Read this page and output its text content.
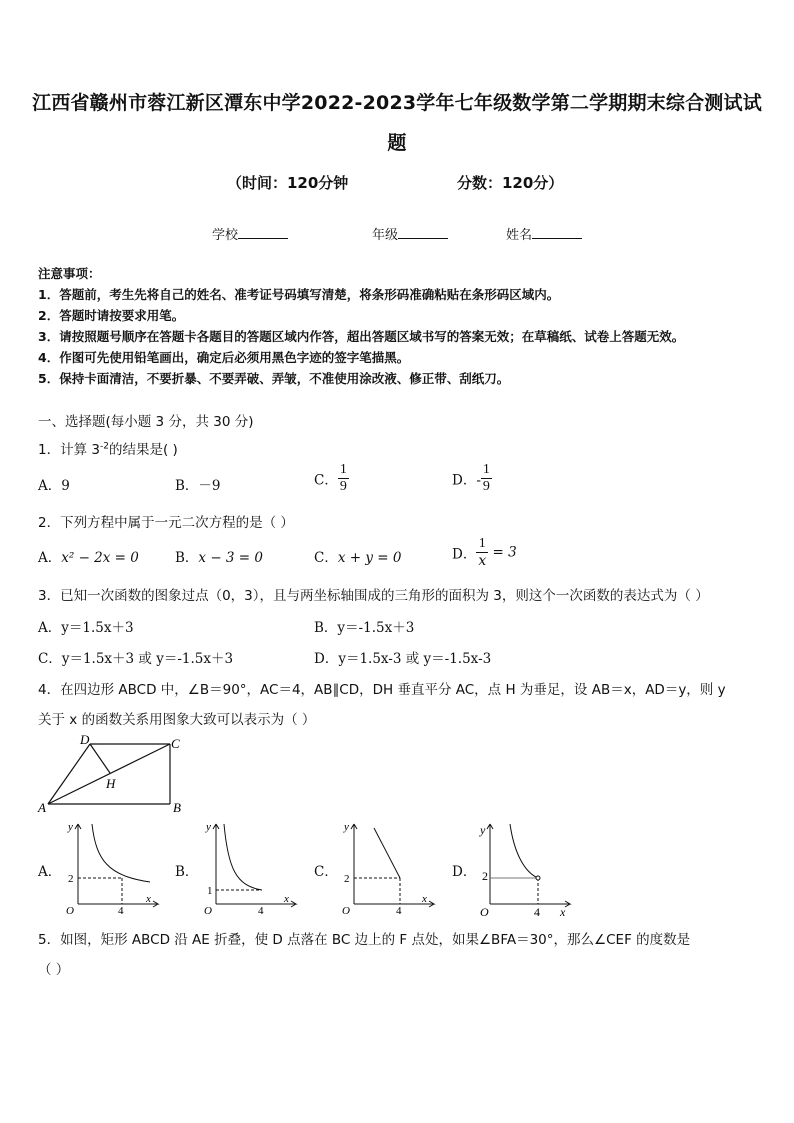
江西省赣州市蓉江新区潭东中学2022-2023学年七年级数学第二学期期末综合测试试
题
（时间：120分钟	分数：120分）
学校	年级	姓名
注意事项：
1．答题前，考生先将自己的姓名、准考证号码填写清楚，将条形码准确粘贴在条形码区域内。
2．答题时请按要求用笔。
3．请按照题号顺序在答题卡各题目的答题区域内作答，超出答题区域书写的答案无效；在草稿纸、试卷上答题无效。
4．作图可先使用铅笔画出，确定后必须用黑色字迹的签字笔描黑。
5．保持卡面清洁，不要折暴、不要弄破、弄皱，不准使用涂改液、修正带、刮纸刀。
一、选择题(每小题 3 分，共 30 分)
1．计算 $3^{-2}$的结果是( )
A．9	B．－9	C． $\frac{1}{9}$	D．- $\frac{1}{9}$
2．下列方程中属于一元二次方程的是（ ）
A．x² − 2x = 0	B．x − 3 = 0	C．x + y = 0	D． $\frac{1}{x} = 3$
3．已知一次函数的图象过点（0，3），且与两坐标轴围成的三角形的面积为 3，则这个一次函数的表达式为（ ）
A．y＝1.5x＋3	B．y＝-1.5x＋3
C．y＝1.5x＋3 或 y＝-1.5x＋3	D．y＝1.5x-3 或 y＝-1.5x-3
4．在四边形 ABCD 中，∠B＝90°，AC＝4，AB∥CD，DH 垂直平分 AC，点 H 为垂足，设 AB＝x，AD＝y，则 y
关于 x 的函数关系用图象大致可以表示为（ ）
A	B
C
D
H
A．	B．	C．	D．
y
x
O
2
4
y
x
O
1
4
y
x
O
2
4
y
x
O
2
4
5．如图，矩形 ABCD 沿 AE 折叠，使 D 点落在 BC 边上的 F 点处，如果∠BFA＝30°，那么∠CEF 的度数是
（ ）
